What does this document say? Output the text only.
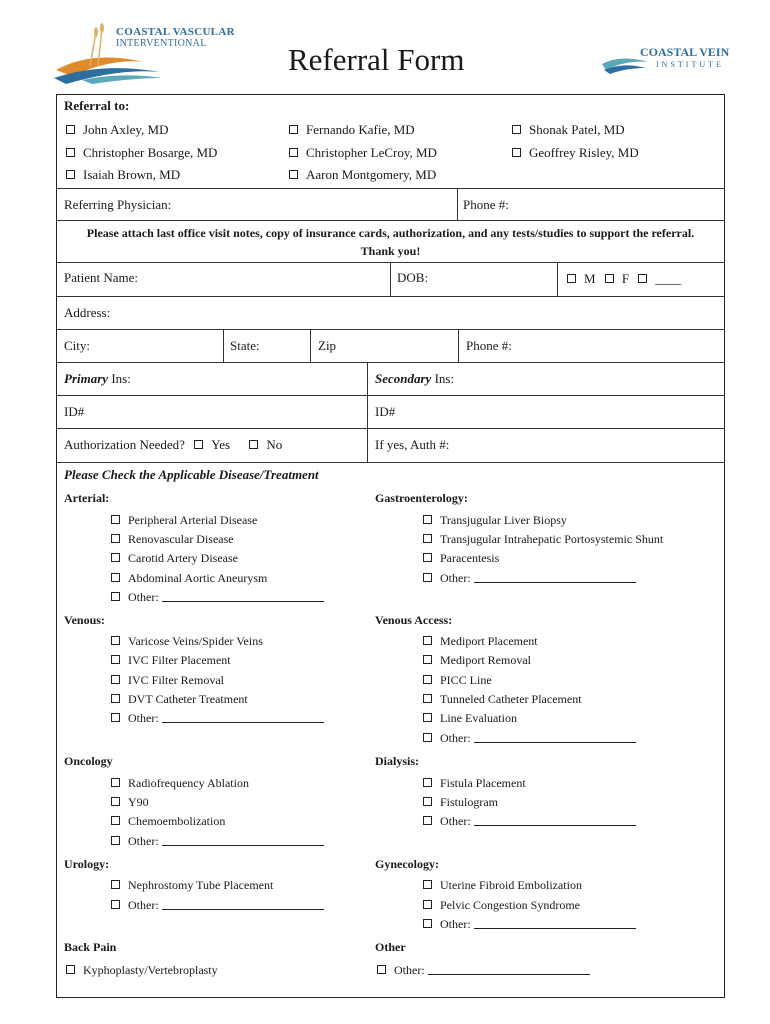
COASTAL VASCULAR
INTERVENTIONAL	Referral Form	COASTAL VEIN
INSTITUTE
Referral to:
John Axley, MD
Christopher Bosarge, MD
Isaiah Brown, MD
Fernando Kafie, MD
Christopher LeCroy, MD
Aaron Montgomery, MD
Shonak Patel, MD
Geoffrey Risley, MD
Referring Physician:	Phone #:
Please attach last office visit notes, copy of insurance cards, authorization, and any tests/studies to support the referral.
Thank you!
Patient Name:	DOB:	M F ____
Address:
City:	State:	Zip	Phone #:
Primary Ins:	Secondary Ins:
ID#	ID#
Authorization Needed? Yes	No	If yes, Auth #:
Please Check the Applicable Disease/Treatment
Arterial:
Peripheral Arterial Disease
Renovascular Disease
Carotid Artery Disease
Abdominal Aortic Aneurysm
Other:
Gastroenterology:
Transjugular Liver Biopsy
Transjugular Intrahepatic Portosystemic Shunt
Paracentesis
Other:
Venous:
Varicose Veins/Spider Veins
IVC Filter Placement
IVC Filter Removal
DVT Catheter Treatment
Other:
Venous Access:
Mediport Placement
Mediport Removal
PICC Line
Tunneled Catheter Placement
Line Evaluation
Other:
Oncology
Radiofrequency Ablation
Y90
Chemoembolization
Other:
Dialysis:
Fistula Placement
Fistulogram
Other:
Urology:
Nephrostomy Tube Placement
Other:
Gynecology:
Uterine Fibroid Embolization
Pelvic Congestion Syndrome
Other:
Back Pain
Kyphoplasty/Vertebroplasty
Other
Other:
